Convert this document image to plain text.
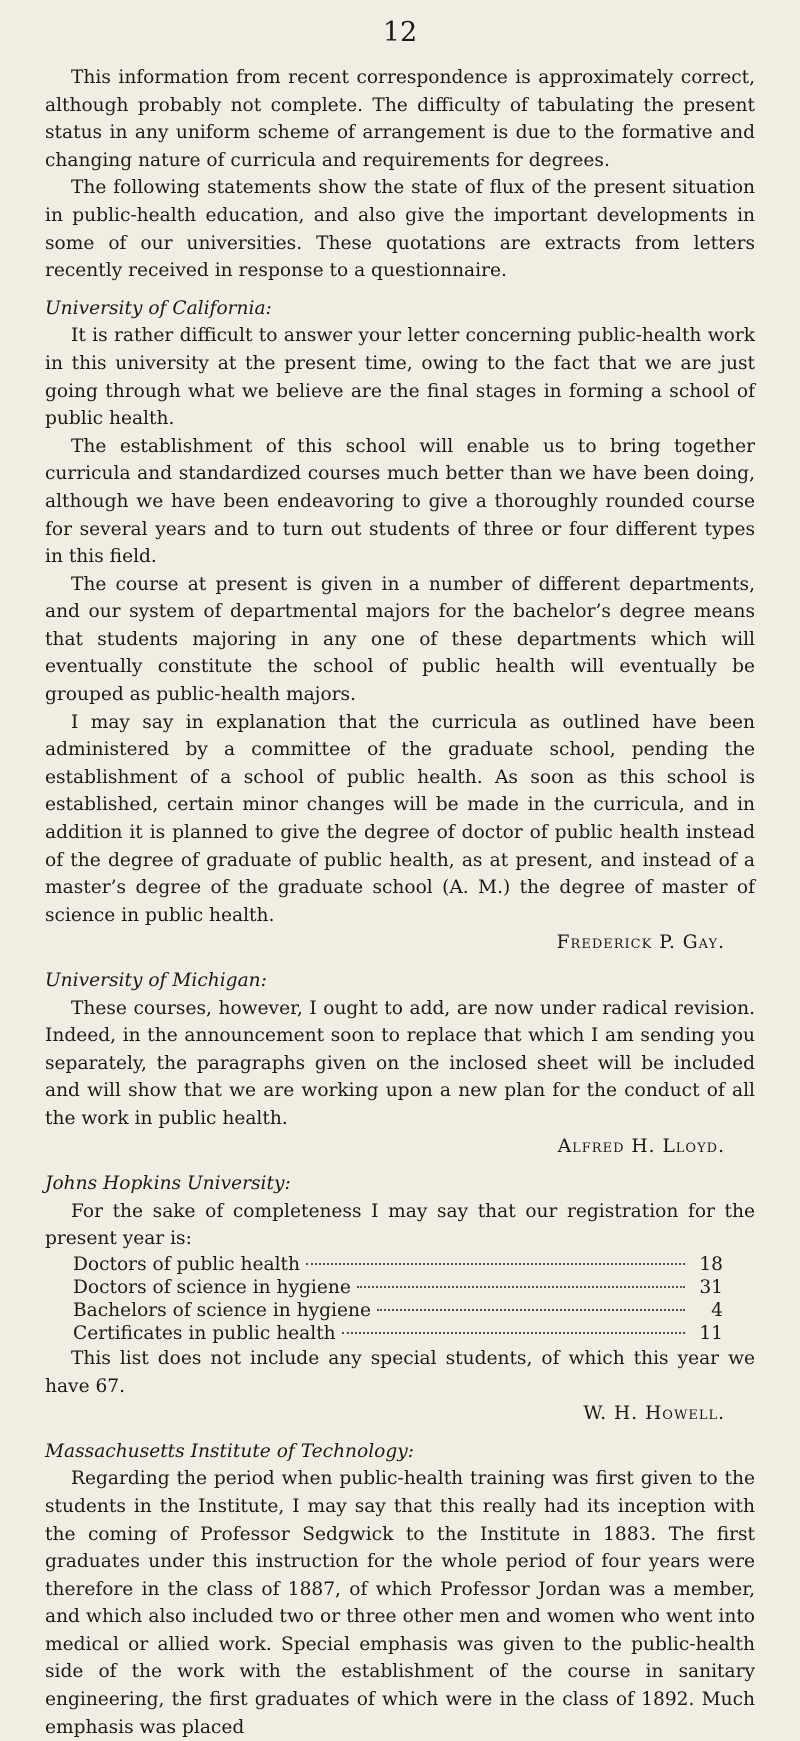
12

This information from recent correspondence is approximately correct, although probably not complete. The difficulty of tabulating the present status in any uniform scheme of arrangement is due to the formative and changing nature of curricula and requirements for degrees.

The following statements show the state of flux of the present situation in public-health education, and also give the important developments in some of our universities. These quotations are extracts from letters recently received in response to a questionnaire.

University of California:

It is rather difficult to answer your letter concerning public-health work in this university at the present time, owing to the fact that we are just going through what we believe are the final stages in forming a school of public health.

The establishment of this school will enable us to bring together curricula and standardized courses much better than we have been doing, although we have been endeavoring to give a thoroughly rounded course for several years and to turn out students of three or four different types in this field.

The course at present is given in a number of different departments, and our system of departmental majors for the bachelor’s degree means that students majoring in any one of these departments which will eventually constitute the school of public health will eventually be grouped as public-health majors.

I may say in explanation that the curricula as outlined have been administered by a committee of the graduate school, pending the establishment of a school of public health. As soon as this school is established, certain minor changes will be made in the curricula, and in addition it is planned to give the degree of doctor of public health instead of the degree of graduate of public health, as at present, and instead of a master’s degree of the graduate school (A. M.) the degree of master of science in public health.

Frederick P. Gay.

University of Michigan:

These courses, however, I ought to add, are now under radical revision. Indeed, in the announcement soon to replace that which I am sending you separately, the paragraphs given on the inclosed sheet will be included and will show that we are working upon a new plan for the conduct of all the work in public health.

Alfred H. Lloyd.

Johns Hopkins University:

For the sake of completeness I may say that our registration for the present year is:

Doctors of public health	18
Doctors of science in hygiene	31
Bachelors of science in hygiene	4
Certificates in public health	11

This list does not include any special students, of which this year we have 67.

W. H. Howell.

Massachusetts Institute of Technology:

Regarding the period when public-health training was first given to the students in the Institute, I may say that this really had its inception with the coming of Professor Sedgwick to the Institute in 1883. The first graduates under this instruction for the whole period of four years were therefore in the class of 1887, of which Professor Jordan was a member, and which also included two or three other men and women who went into medical or allied work. Special emphasis was given to the public-health side of the work with the establishment of the course in sanitary engineering, the first graduates of which were in the class of 1892. Much emphasis was placed
